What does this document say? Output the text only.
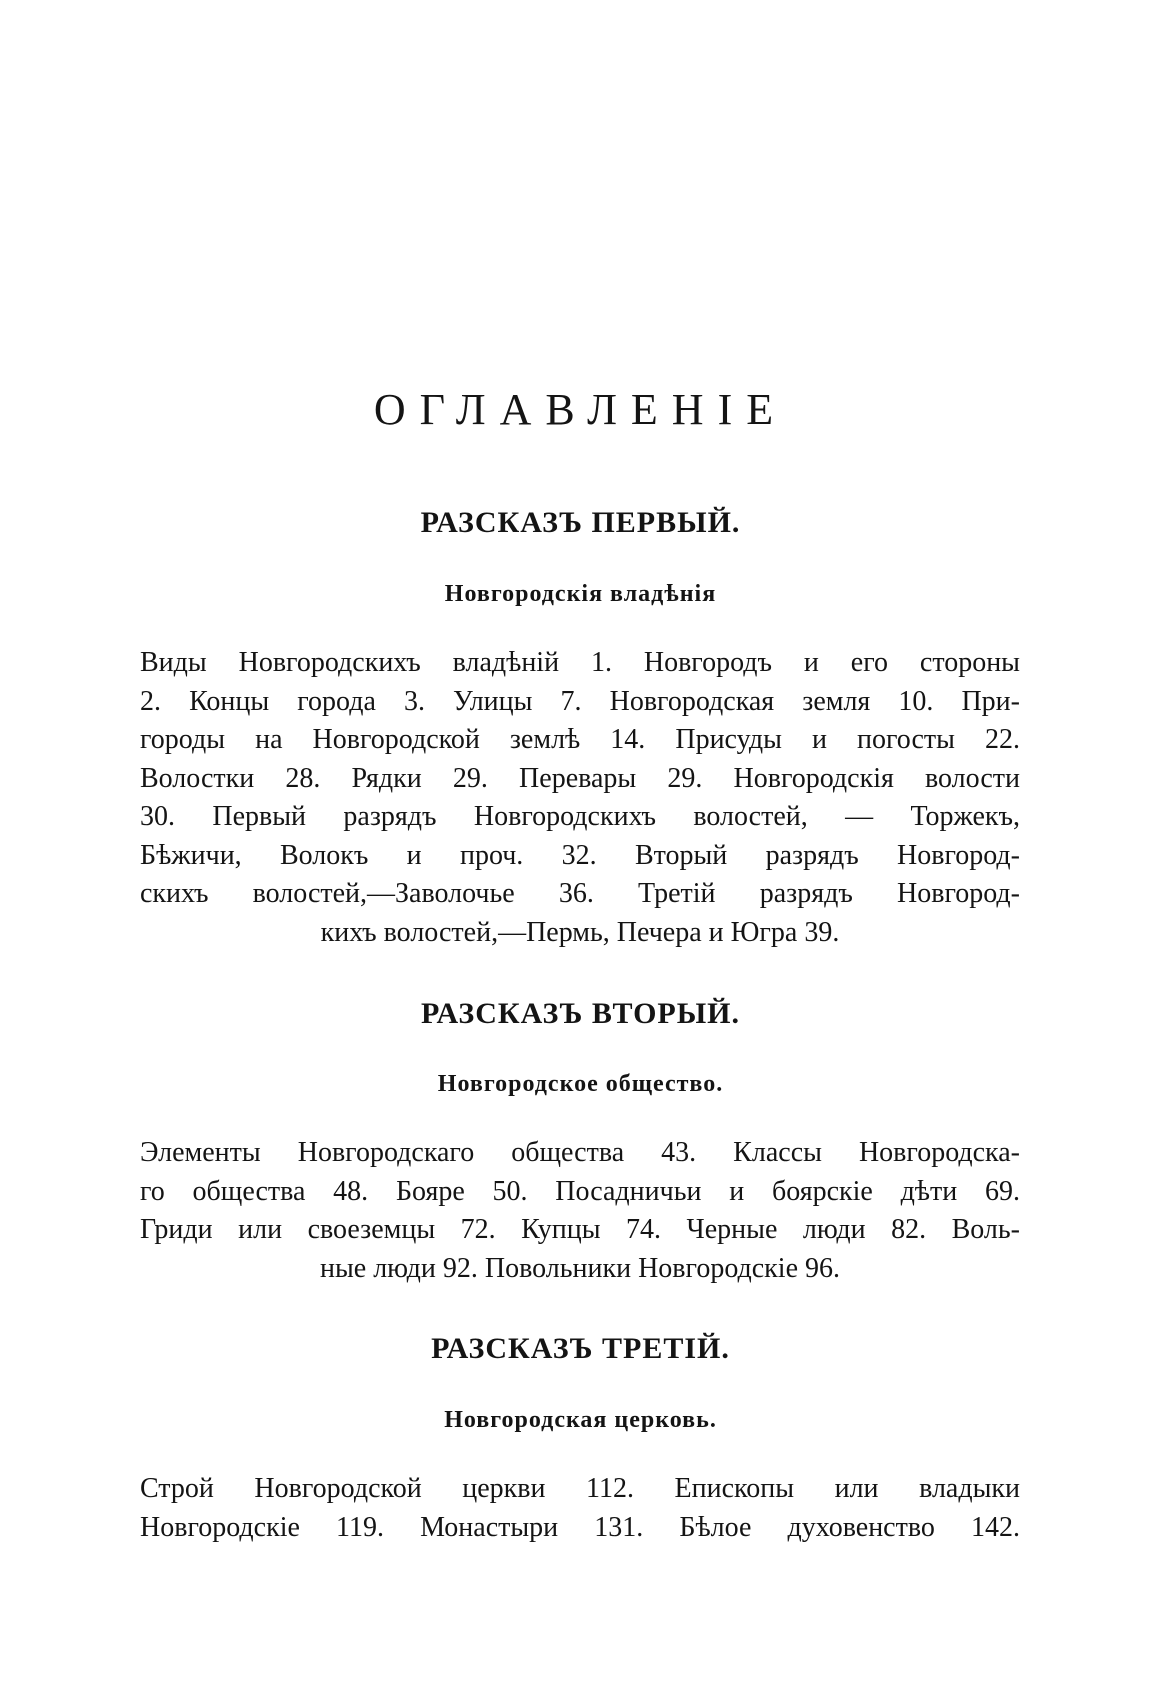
ОГЛАВЛЕНІЕ
РАЗСКАЗЪ ПЕРВЫЙ.
Новгородскія владѣнія
Виды Новгородскихъ владѣній 1. Новгородъ и его стороны
2. Концы города 3. Улицы 7. Новгородская земля 10. При-
городы на Новгородской землѣ 14. Присуды и погосты 22.
Волостки 28. Рядки 29. Перевары 29. Новгородскія волости
30. Первый разрядъ Новгородскихъ волостей, — Торжекъ,
Бѣжичи, Волокъ и проч. 32. Вторый разрядъ Новгород-
скихъ волостей,—Заволочье 36. Третій разрядъ Новгород-
кихъ волостей,—Пермь, Печера и Югра 39.
РАЗСКАЗЪ ВТОРЫЙ.
Новгородское общество.
Элементы Новгородскаго общества 43. Классы Новгородска-
го общества 48. Бояре 50. Посадничьи и боярскіе дѣти 69.
Гриди или своеземцы 72. Купцы 74. Черные люди 82. Воль-
ные люди 92. Повольники Новгородскіе 96.
РАЗСКАЗЪ ТРЕТІЙ.
Новгородская церковь.
Строй Новгородской церкви 112. Епископы или владыки
Новгородскіе 119. Монастыри 131. Бѣлое духовенство 142.
